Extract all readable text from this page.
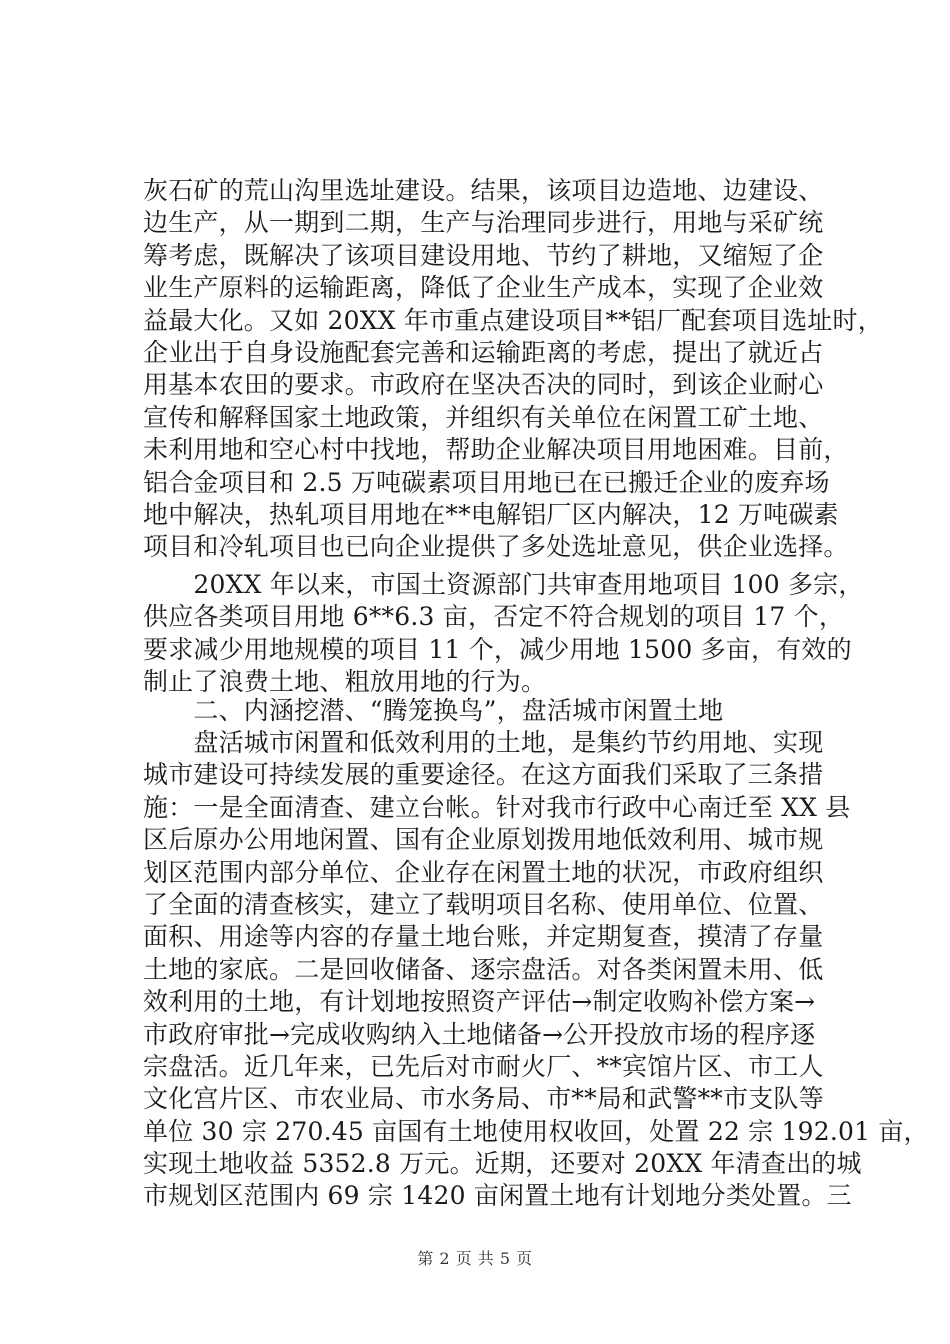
灰石矿的荒山沟里选址建设。结果，该项目边造地、边建设、
边生产，从一期到二期，生产与治理同步进行，用地与采矿统
筹考虑，既解决了该项目建设用地、节约了耕地，又缩短了企
业生产原料的运输距离，降低了企业生产成本，实现了企业效
益最大化。又如 20XX 年市重点建设项目**铝厂配套项目选址时，
企业出于自身设施配套完善和运输距离的考虑，提出了就近占
用基本农田的要求。市政府在坚决否决的同时，到该企业耐心
宣传和解释国家土地政策，并组织有关单位在闲置工矿土地、
未利用地和空心村中找地，帮助企业解决项目用地困难。目前，
铝合金项目和 2.5 万吨碳素项目用地已在已搬迁企业的废弃场
地中解决，热轧项目用地在**电解铝厂区内解决，12 万吨碳素
项目和冷轧项目也已向企业提供了多处选址意见，供企业选择。
　　20XX 年以来，市国土资源部门共审查用地项目 100 多宗，
供应各类项目用地 6**6.3 亩，否定不符合规划的项目 17 个，
要求减少用地规模的项目 11 个，减少用地 1500 多亩，有效的
制止了浪费土地、粗放用地的行为。
　　二、内涵挖潜、“腾笼换鸟”，盘活城市闲置土地
　　盘活城市闲置和低效利用的土地，是集约节约用地、实现
城市建设可持续发展的重要途径。在这方面我们采取了三条措
施：一是全面清查、建立台帐。针对我市行政中心南迁至 XX 县
区后原办公用地闲置、国有企业原划拨用地低效利用、城市规
划区范围内部分单位、企业存在闲置土地的状况，市政府组织
了全面的清查核实，建立了载明项目名称、使用单位、位置、
面积、用途等内容的存量土地台账，并定期复查，摸清了存量
土地的家底。二是回收储备、逐宗盘活。对各类闲置未用、低
效利用的土地，有计划地按照资产评估→制定收购补偿方案→
市政府审批→完成收购纳入土地储备→公开投放市场的程序逐
宗盘活。近几年来，已先后对市耐火厂、**宾馆片区、市工人
文化宫片区、市农业局、市水务局、市**局和武警**市支队等
单位 30 宗 270.45 亩国有土地使用权收回，处置 22 宗 192.01 亩，
实现土地收益 5352.8 万元。近期，还要对 20XX 年清查出的城
市规划区范围内 69 宗 1420 亩闲置土地有计划地分类处置。三
第 2 页 共 5 页
